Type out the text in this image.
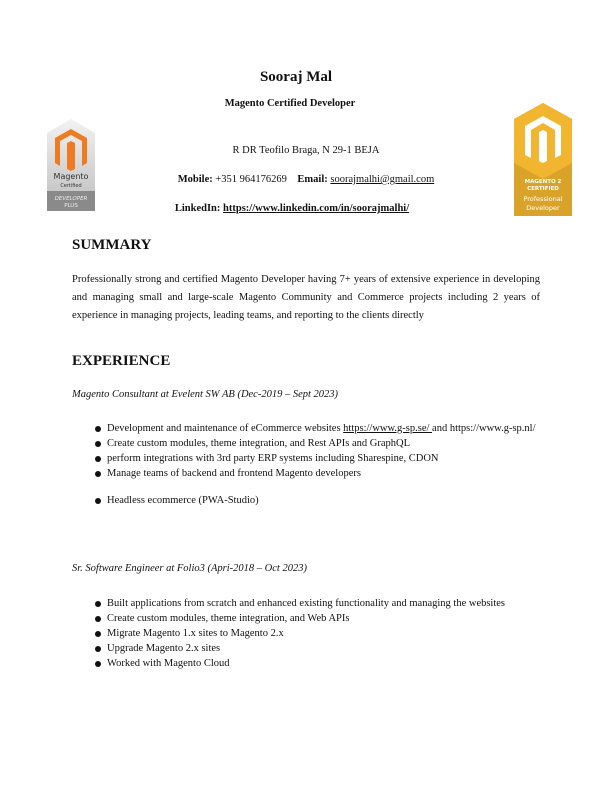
Sooraj Mal
Magento Certified Developer
R DR Teofilo Braga, N 29-1 BEJA
Mobile: +351 964176269 Email: soorajmalhi@gmail.com
LinkedIn: https://www.linkedin.com/in/soorajmalhi/
Magento
Certified
DEVELOPER
PLUS
MAGENTO 2
CERTIFIED
Professional
Developer
SUMMARY
Professionally strong and certified Magento Developer having 7+ years of extensive experience in developing and managing small and large-scale Magento Community and Commerce projects including 2 years of experience in managing projects, leading teams, and reporting to the clients directly
EXPERIENCE
Magento Consultant at Evelent SW AB (Dec-2019 – Sept 2023)
Development and maintenance of eCommerce websites https://www.g-sp.se/ and https://www.g-sp.nl/
Create custom modules, theme integration, and Rest APIs and GraphQL
perform integrations with 3rd party ERP systems including Sharespine, CDON
Manage teams of backend and frontend Magento developers
Headless ecommerce (PWA-Studio)
Sr. Software Engineer at Folio3 (Apri-2018 – Oct 2023)
Built applications from scratch and enhanced existing functionality and managing the websites
Create custom modules, theme integration, and Web APIs
Migrate Magento 1.x sites to Magento 2.x
Upgrade Magento 2.x sites
Worked with Magento Cloud
